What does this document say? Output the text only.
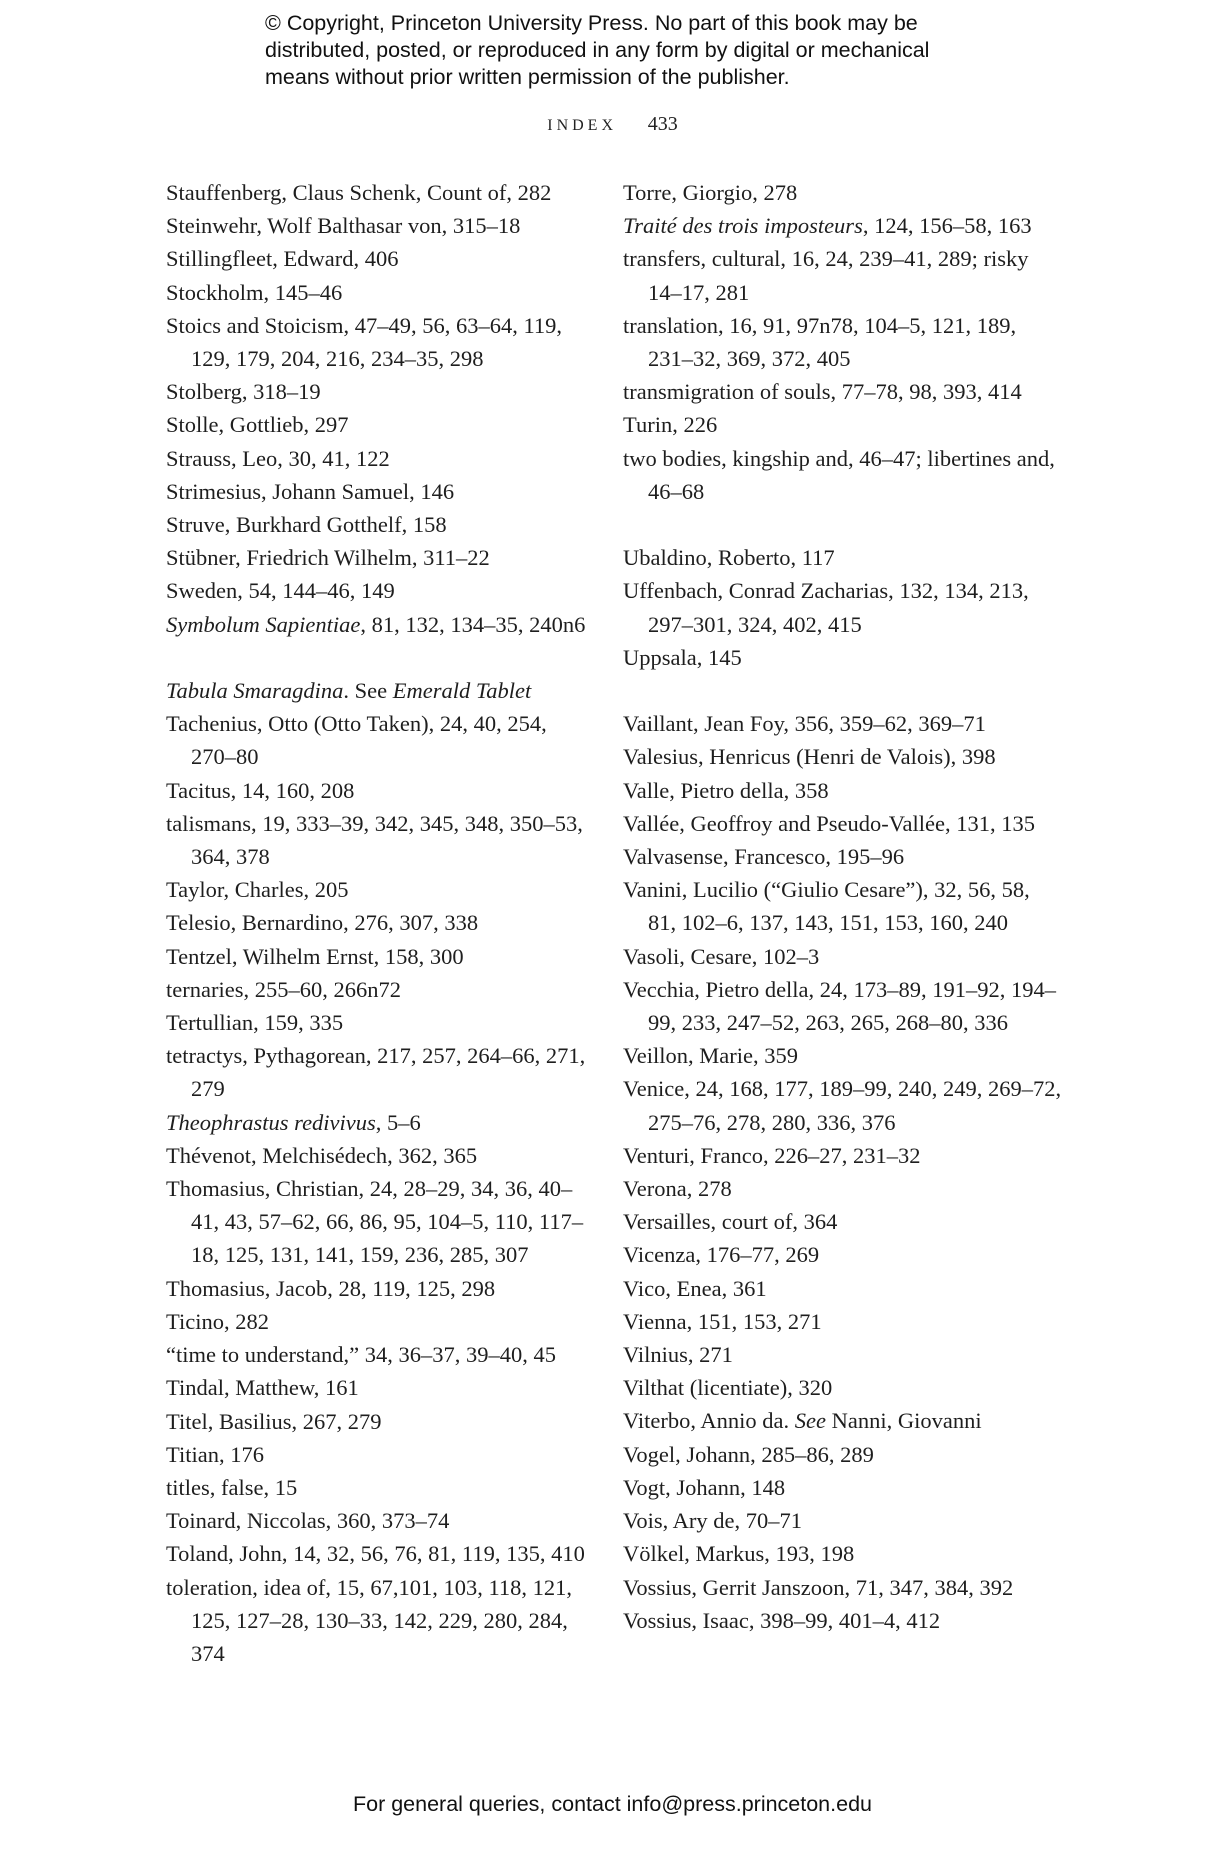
© Copyright, Princeton University Press. No part of this book may be

distributed, posted, or reproduced in any form by digital or mechanical

means without prior written permission of the publisher.

INDEX 433

Stauffenberg, Claus Schenk, Count of, 282

Steinwehr, Wolf Balthasar von, 315–18

Stillingfleet, Edward, 406

Stockholm, 145–46

Stoics and Stoicism, 47–49, 56, 63–64, 119, 129, 179, 204, 216, 234–35, 298

Stolberg, 318–19

Stolle, Gottlieb, 297

Strauss, Leo, 30, 41, 122

Strimesius, Johann Samuel, 146

Struve, Burkhard Gotthelf, 158

Stübner, Friedrich Wilhelm, 311–22

Sweden, 54, 144–46, 149

Symbolum Sapientiae, 81, 132, 134–35, 240n6

Tabula Smaragdina. See Emerald Tablet

Tachenius, Otto (Otto Taken), 24, 40, 254, 270–80

Tacitus, 14, 160, 208

talismans, 19, 333–39, 342, 345, 348, 350–53, 364, 378

Taylor, Charles, 205

Telesio, Bernardino, 276, 307, 338

Tentzel, Wilhelm Ernst, 158, 300

ternaries, 255–60, 266n72

Tertullian, 159, 335

tetractys, Pythagorean, 217, 257, 264–66, 271, 279

Theophrastus redivivus, 5–6

Thévenot, Melchisédech, 362, 365

Thomasius, Christian, 24, 28–29, 34, 36, 40–41, 43, 57–62, 66, 86, 95, 104–5, 110, 117–18, 125, 131, 141, 159, 236, 285, 307

Thomasius, Jacob, 28, 119, 125, 298

Ticino, 282

“time to understand,” 34, 36–37, 39–40, 45

Tindal, Matthew, 161

Titel, Basilius, 267, 279

Titian, 176

titles, false, 15

Toinard, Niccolas, 360, 373–74

Toland, John, 14, 32, 56, 76, 81, 119, 135, 410

toleration, idea of, 15, 67,101, 103, 118, 121, 125, 127–28, 130–33, 142, 229, 280, 284, 374

Torre, Giorgio, 278

Traité des trois imposteurs, 124, 156–58, 163

transfers, cultural, 16, 24, 239–41, 289; risky 14–17, 281

translation, 16, 91, 97n78, 104–5, 121, 189, 231–32, 369, 372, 405

transmigration of souls, 77–78, 98, 393, 414

Turin, 226

two bodies, kingship and, 46–47; libertines and, 46–68

Ubaldino, Roberto, 117

Uffenbach, Conrad Zacharias, 132, 134, 213, 297–301, 324, 402, 415

Uppsala, 145

Vaillant, Jean Foy, 356, 359–62, 369–71

Valesius, Henricus (Henri de Valois), 398

Valle, Pietro della, 358

Vallée, Geoffroy and Pseudo-Vallée, 131, 135

Valvasense, Francesco, 195–96

Vanini, Lucilio (“Giulio Cesare”), 32, 56, 58, 81, 102–6, 137, 143, 151, 153, 160, 240

Vasoli, Cesare, 102–3

Vecchia, Pietro della, 24, 173–89, 191–92, 194–99, 233, 247–52, 263, 265, 268–80, 336

Veillon, Marie, 359

Venice, 24, 168, 177, 189–99, 240, 249, 269–72, 275–76, 278, 280, 336, 376

Venturi, Franco, 226–27, 231–32

Verona, 278

Versailles, court of, 364

Vicenza, 176–77, 269

Vico, Enea, 361

Vienna, 151, 153, 271

Vilnius, 271

Vilthat (licentiate), 320

Viterbo, Annio da. See Nanni, Giovanni

Vogel, Johann, 285–86, 289

Vogt, Johann, 148

Vois, Ary de, 70–71

Völkel, Markus, 193, 198

Vossius, Gerrit Janszoon, 71, 347, 384, 392

Vossius, Isaac, 398–99, 401–4, 412

For general queries, contact info@press.princeton.edu
